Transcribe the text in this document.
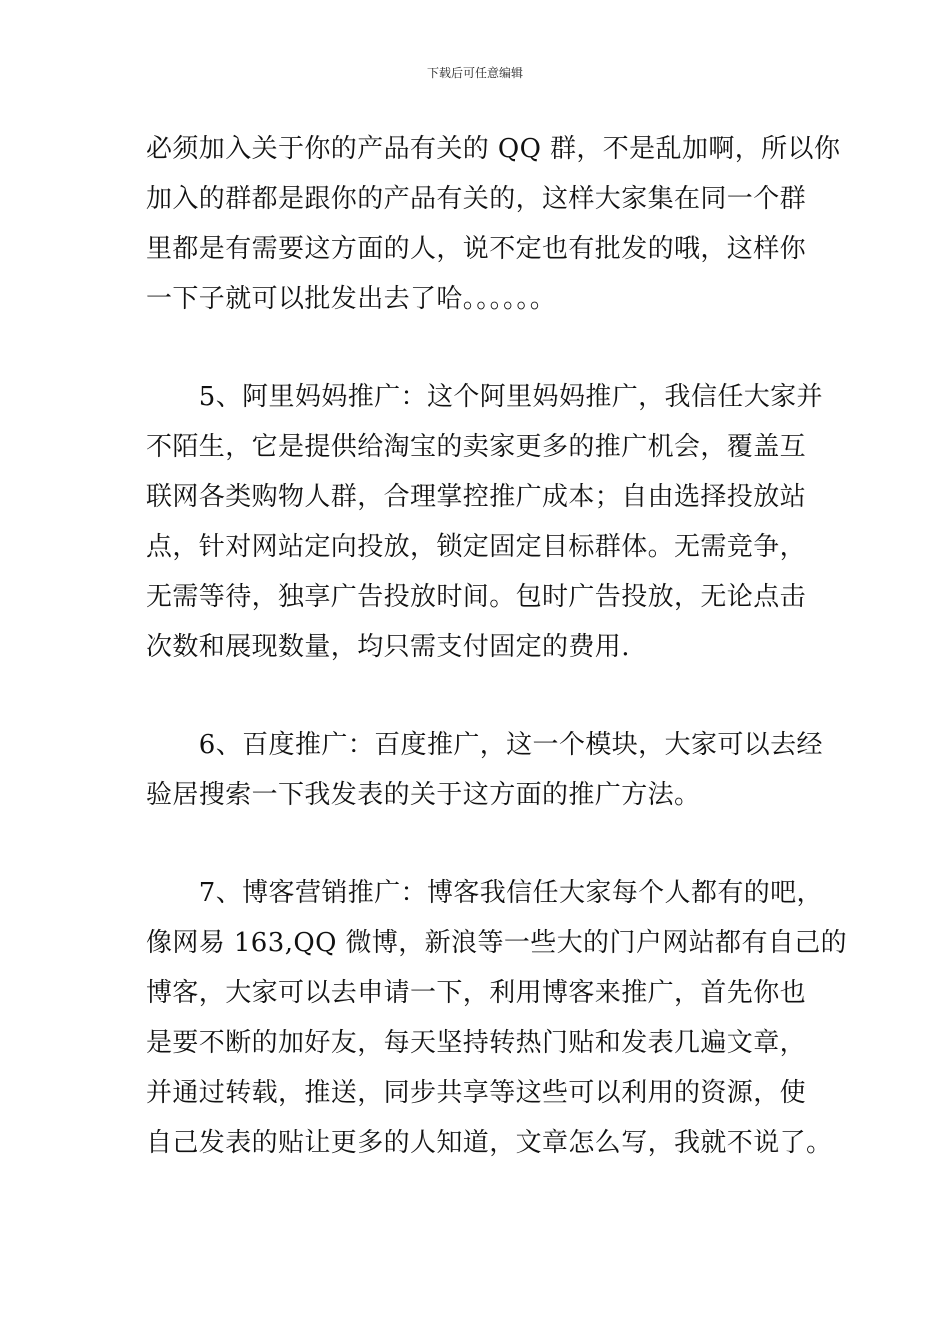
下载后可任意编辑
必须加入关于你的产品有关的 QQ 群，不是乱加啊，所以你
加入的群都是跟你的产品有关的，这样大家集在同一个群
里都是有需要这方面的人，说不定也有批发的哦，这样你
一下子就可以批发出去了哈。。。。。。
　　5、阿里妈妈推广：这个阿里妈妈推广，我信任大家并
不陌生，它是提供给淘宝的卖家更多的推广机会，覆盖互
联网各类购物人群，合理掌控推广成本；自由选择投放站
点，针对网站定向投放，锁定固定目标群体。无需竞争，
无需等待，独享广告投放时间。包时广告投放，无论点击
次数和展现数量，均只需支付固定的费用.
　　6、百度推广：百度推广，这一个模块，大家可以去经
验居搜索一下我发表的关于这方面的推广方法。
　　7、博客营销推广：博客我信任大家每个人都有的吧，
像网易 163,QQ 微博，新浪等一些大的门户网站都有自己的
博客，大家可以去申请一下，利用博客来推广，首先你也
是要不断的加好友，每天坚持转热门贴和发表几遍文章，
并通过转载，推送，同步共享等这些可以利用的资源，使
自己发表的贴让更多的人知道，文章怎么写，我就不说了。
